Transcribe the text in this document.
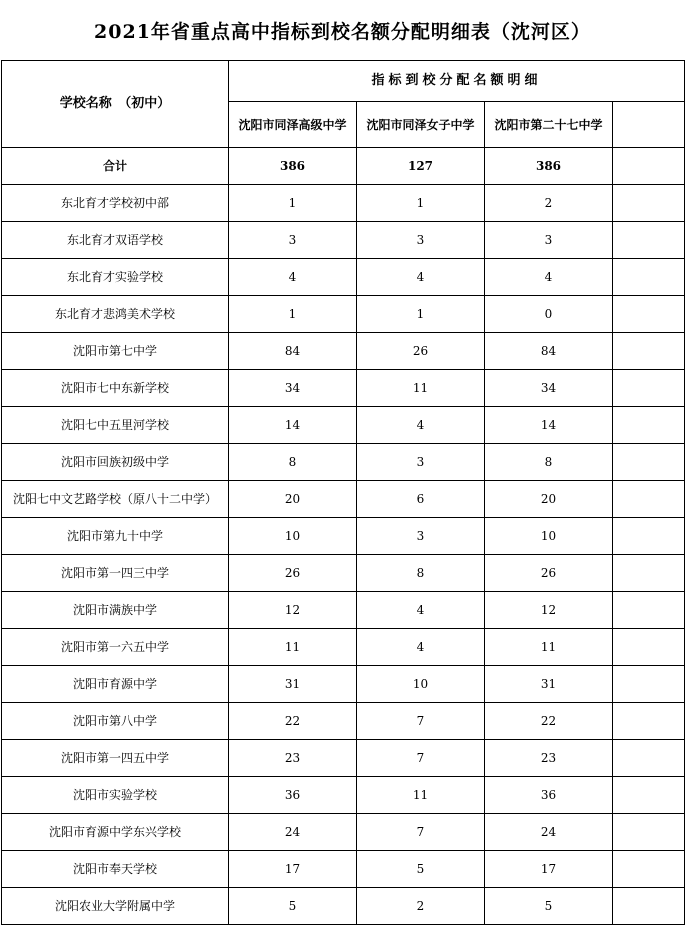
2021年省重点高中指标到校名额分配明细表（沈河区）
学校名称　（初中）	指标到校分配名额明细			
	沈阳市同泽高级中学	沈阳市同泽女子中学	沈阳市第二十七中学	
合计	386	127	386	
东北育才学校初中部	1	1	2	
东北育才双语学校	3	3	3	
东北育才实验学校	4	4	4	
东北育才悲鸿美术学校	1	1	0	
沈阳市第七中学	84	26	84	
沈阳市七中东新学校	34	11	34	
沈阳七中五里河学校	14	4	14	
沈阳市回族初级中学	8	3	8	
沈阳七中文艺路学校（原八十二中学）	20	6	20	
沈阳市第九十中学	10	3	10	
沈阳市第一四三中学	26	8	26	
沈阳市满族中学	12	4	12	
沈阳市第一六五中学	11	4	11	
沈阳市育源中学	31	10	31	
沈阳市第八中学	22	7	22	
沈阳市第一四五中学	23	7	23	
沈阳市实验学校	36	11	36	
沈阳市育源中学东兴学校	24	7	24	
沈阳市奉天学校	17	5	17	
沈阳农业大学附属中学	5	2	5	
